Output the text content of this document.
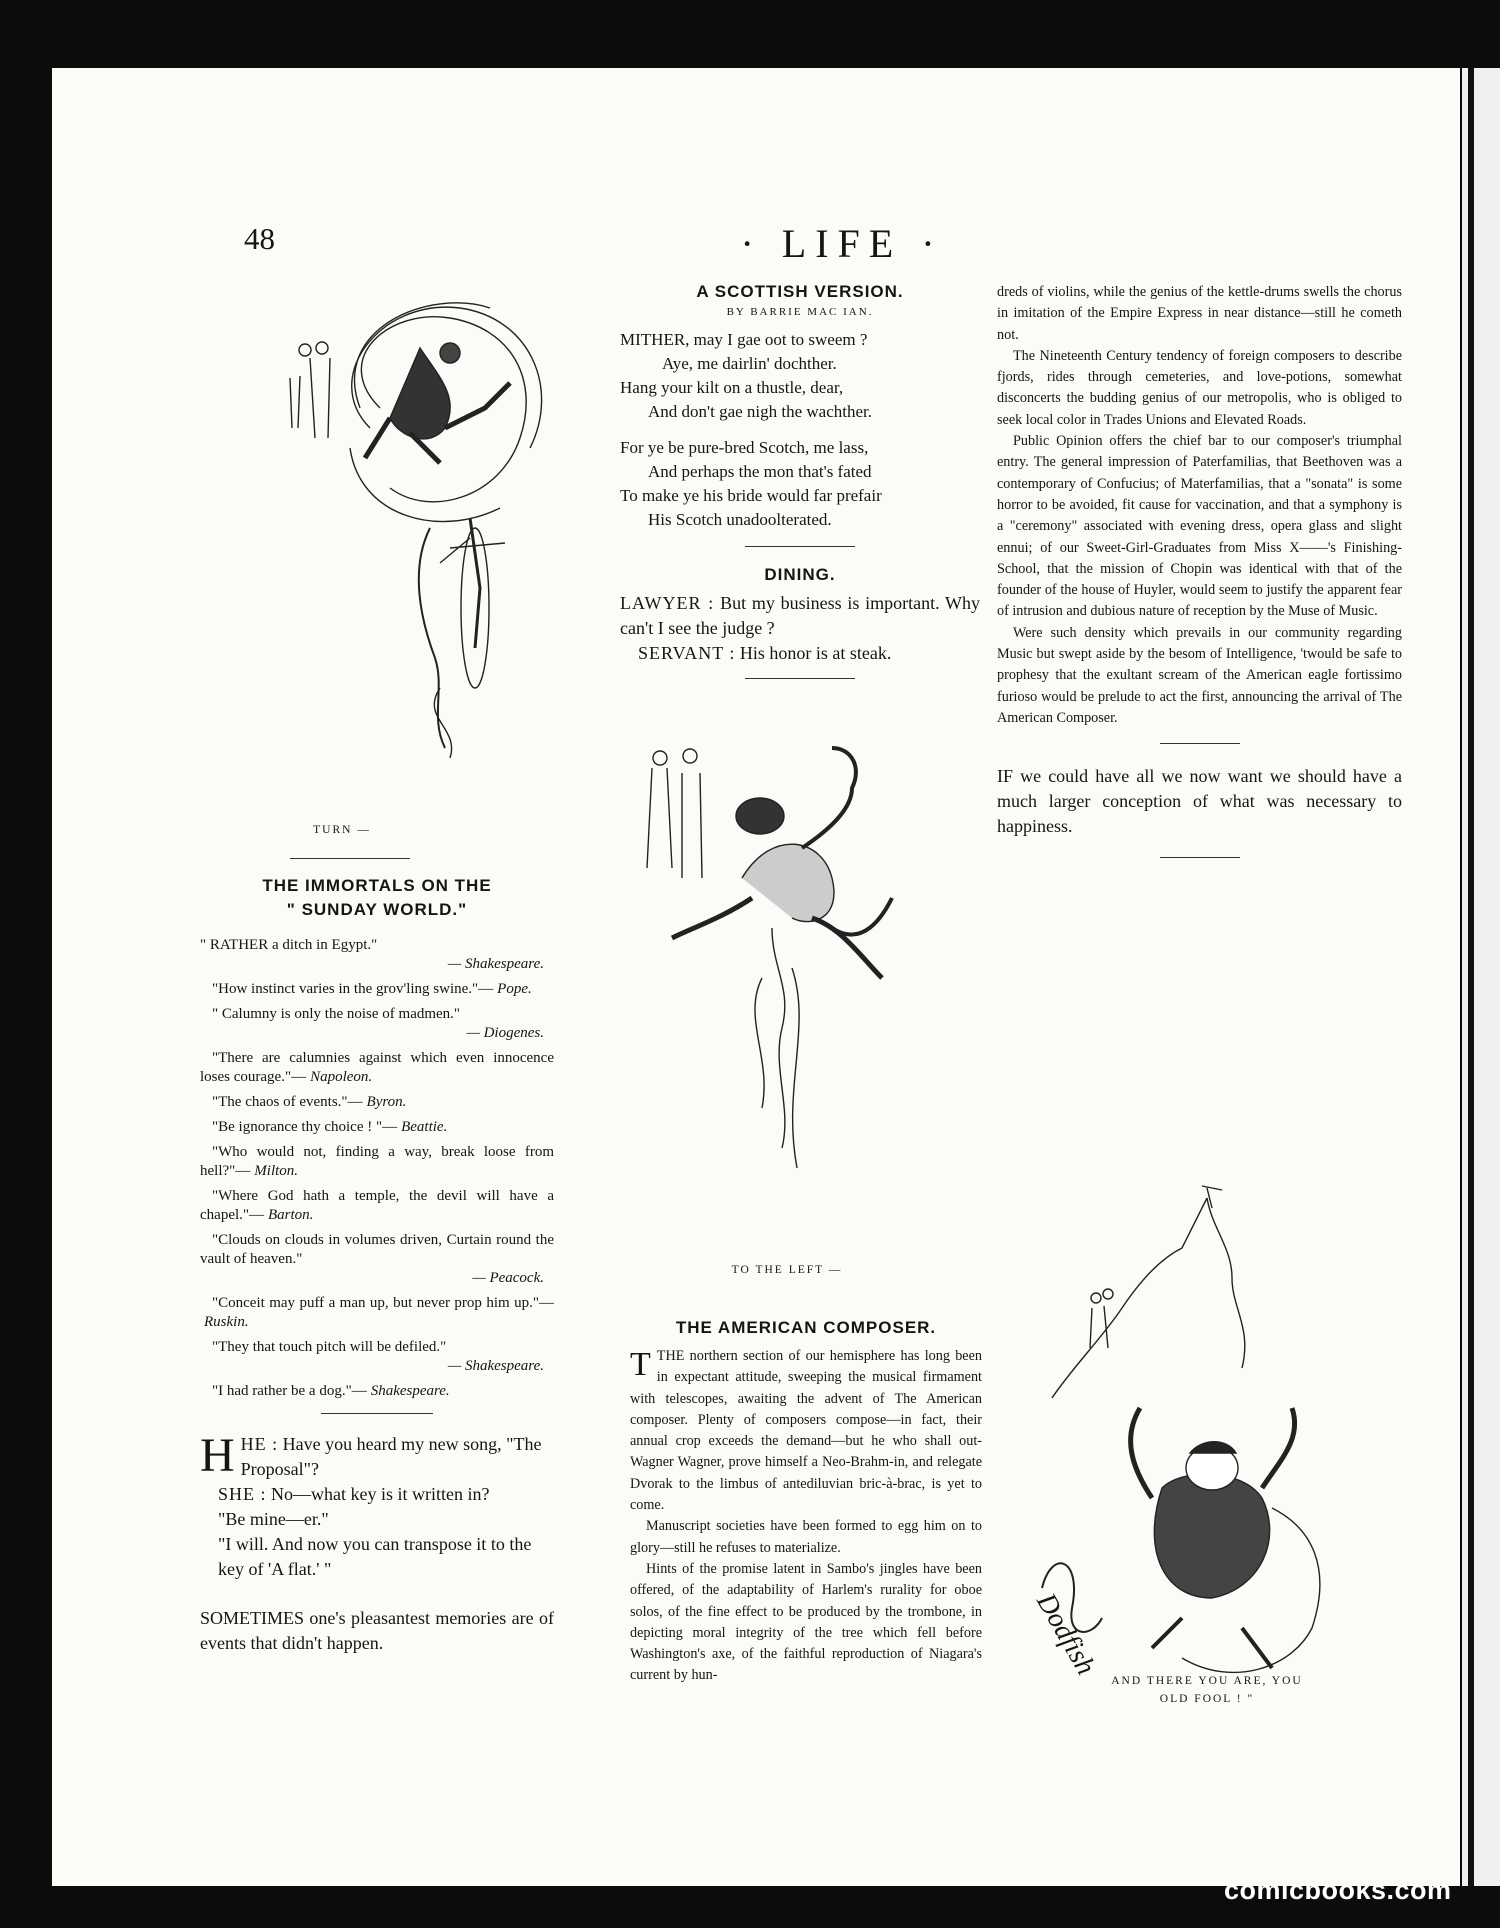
48	· LIFE ·
TURN —
THE IMMORTALS ON THE
" SUNDAY WORLD."

" RATHER a ditch in Egypt."
— Shakespeare.

"How instinct varies in the grov'ling swine."— Pope.

" Calumny is only the noise of madmen."
— Diogenes.

"There are calumnies against which even innocence loses courage."— Napoleon.

"The chaos of events."— Byron.

"Be ignorance thy choice ! "— Beattie.

"Who would not, finding a way, break loose from hell?"— Milton.

"Where God hath a temple, the devil will have a chapel."— Barton.

"Clouds on clouds in volumes driven, Curtain round the vault of heaven."
— Peacock.

"Conceit may puff a man up, but never prop him up."—Ruskin.

"They that touch pitch will be defiled."
— Shakespeare.

"I had rather be a dog."— Shakespeare.

HHE : Have you heard my new song, "The Proposal"?

SHE : No—what key is it written in?

"Be mine—er."

"I will. And now you can transpose it to the key of 'A flat.' "

SOMETIMES one's pleasantest memories are of events that didn't happen.

A SCOTTISH VERSION.
BY BARRIE MAC IAN.

MITHER, may I gae oot to sweem ?

Aye, me dairlin' dochther.

Hang your kilt on a thustle, dear,

And don't gae nigh the wachther.

For ye be pure-bred Scotch, me lass,

And perhaps the mon that's fated

To make ye his bride would far prefair

His Scotch unadoolterated.

DINING.

LAWYER : But my business is important. Why can't I see the judge ?

SERVANT : His honor is at steak.

TO THE LEFT —
THE AMERICAN COMPOSER.

TTHE northern section of our hemisphere has long been in expectant attitude, sweeping the musical firmament with telescopes, awaiting the advent of The American composer. Plenty of composers compose—in fact, their annual crop exceeds the demand—but he who shall out-Wagner Wagner, prove himself a Neo-Brahm-in, and relegate Dvorak to the limbus of antediluvian bric-à-brac, is yet to come.

Manuscript societies have been formed to egg him on to glory—still he refuses to materialize.

Hints of the promise latent in Sambo's jingles have been offered, of the adaptability of Harlem's rurality for oboe solos, of the fine effect to be produced by the trombone, in depicting moral integrity of the tree which fell before Washington's axe, of the faithful reproduction of Niagara's current by hun-

dreds of violins, while the genius of the kettle-drums swells the chorus in imitation of the Empire Express in near distance—still he cometh not.

The Nineteenth Century tendency of foreign composers to describe fjords, rides through cemeteries, and love-potions, somewhat disconcerts the budding genius of our metropolis, who is obliged to seek local color in Trades Unions and Elevated Roads.

Public Opinion offers the chief bar to our composer's triumphal entry. The general impression of Paterfamilias, that Beethoven was a contemporary of Confucius; of Materfamilias, that a "sonata" is some horror to be avoided, fit cause for vaccination, and that a symphony is a "ceremony" associated with evening dress, opera glass and slight ennui; of our Sweet-Girl-Graduates from Miss X——'s Finishing-School, that the mission of Chopin was identical with that of the founder of the house of Huyler, would seem to justify the apparent fear of intrusion and dubious nature of reception by the Muse of Music.

Were such density which prevails in our community regarding Music but swept aside by the besom of Intelligence, 'twould be safe to prophesy that the exultant scream of the American eagle fortissimo furioso would be prelude to act the first, announcing the arrival of The American Composer.

IF we could have all we now want we should have a much larger conception of what was necessary to happiness.

Dodfish
AND THERE YOU ARE, YOU
OLD FOOL ! "
comicbooks.com
